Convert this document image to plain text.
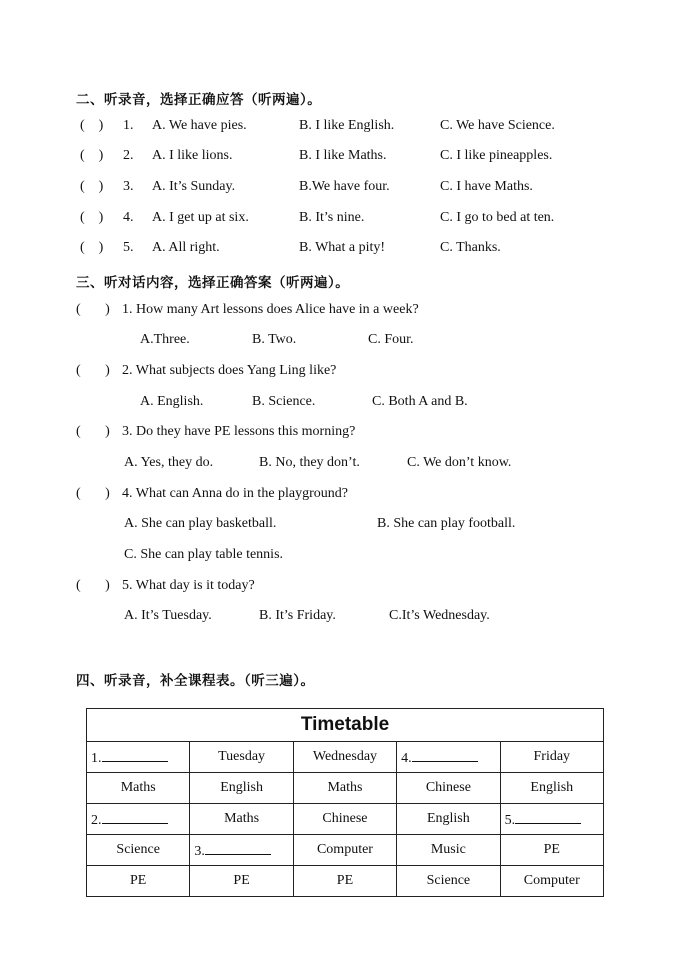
二、听录音，选择正确应答（听两遍）。
(    ) 1. A. We have pies.	B. I like English.	C. We have Science.
(    ) 2. A. I like lions.	B. I like Maths.	C. I like pineapples.
(    ) 3. A. It’s Sunday.	B.We have four.	C. I have Maths.
(    ) 4. A. I get up at six.	B. It’s nine.	C. I go to bed at ten.
(    ) 5. A. All right.	B. What a pity!	C. Thanks.
三、听对话内容，选择正确答案（听两遍）。
(       ) 1. How many Art lessons does Alice have in a week?
A.Three.	B. Two.	C. Four.
(       ) 2. What subjects does Yang Ling like?
A. English.	B. Science.	C. Both A and B.
(       ) 3. Do they have PE lessons this morning?
A. Yes, they do.	B. No, they don’t.	C. We don’t know.
(       ) 4. What can Anna do in the playground?
A. She can play basketball.	B. She can play football.
C. She can play table tennis.
(       ) 5. What day is it today?
A. It’s Tuesday.	B. It’s Friday.	C.It’s Wednesday.
四、听录音，补全课程表。（听三遍）。
Timetable				
1.	Tuesday	Wednesday	4.	Friday
Maths	English	Maths	Chinese	English
2.	Maths	Chinese	English	5.
Science	3.	Computer	Music	PE
PE	PE	PE	Science	Computer
